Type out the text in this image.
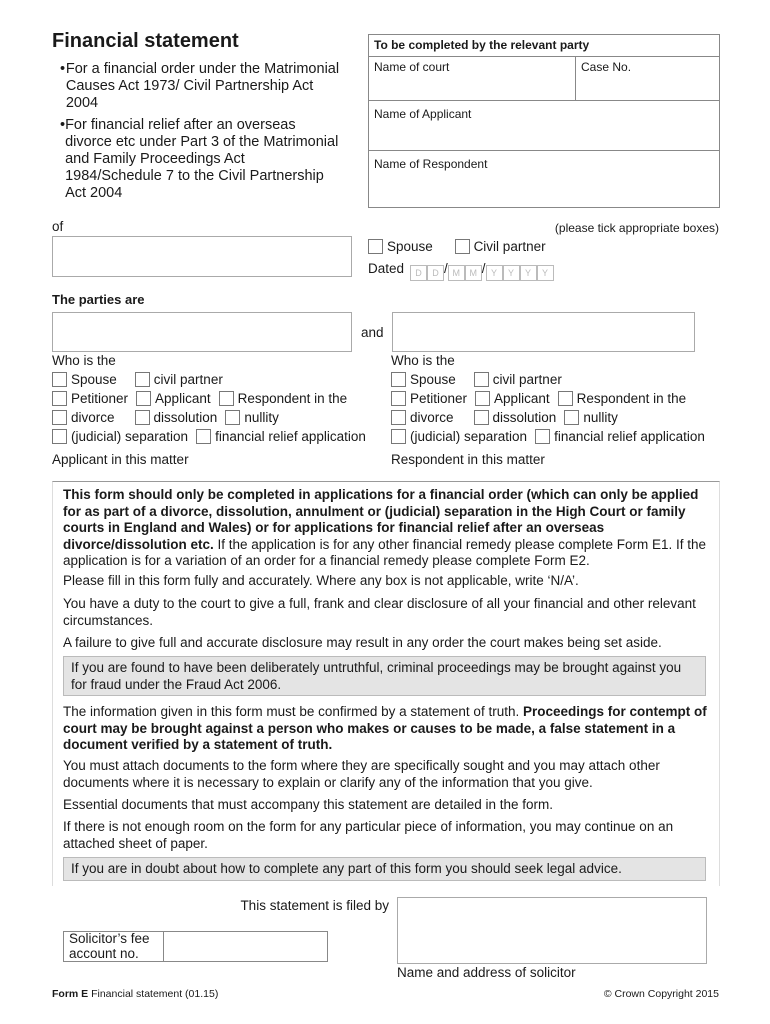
Financial statement
• For a financial order under the Matrimonial Causes Act 1973/ Civil Partnership Act 2004
• For financial relief after an overseas divorce etc under Part 3 of the Matrimonial and Family Proceedings Act 1984/Schedule 7 to the Civil Partnership Act 2004
To be completed by the relevant party
Name of court	Case No.
Name of Applicant
Name of Respondent
of	(please tick appropriate boxes)
Spouse	Civil partner
Dated D D / M M / Y Y Y Y
The parties are
and
Who is the
Spouse	civil partner
Petitioner Applicant Respondent in the
divorce	dissolution nullity
(judicial) separation financial relief application
Applicant in this matter
Who is the
Spouse	civil partner
Petitioner Applicant Respondent in the
divorce	dissolution nullity
(judicial) separation financial relief application
Respondent in this matter

This form should only be completed in applications for a financial order (which can only be applied for as part of a divorce, dissolution, annulment or (judicial) separation in the High Court or family courts in England and Wales) or for applications for financial relief after an overseas divorce/dissolution etc. If the application is for any other financial remedy please complete Form E1. If the application is for a variation of an order for a financial remedy please complete Form E2.

Please fill in this form fully and accurately. Where any box is not applicable, write ‘N/A’.

You have a duty to the court to give a full, frank and clear disclosure of all your financial and other relevant circumstances.

A failure to give full and accurate disclosure may result in any order the court makes being set aside.

If you are found to have been deliberately untruthful, criminal proceedings may be brought against you for fraud under the Fraud Act 2006.

The information given in this form must be confirmed by a statement of truth. Proceedings for contempt of court may be brought against a person who makes or causes to be made, a false statement in a document verified by a statement of truth.

You must attach documents to the form where they are specifically sought and you may attach other documents where it is necessary to explain or clarify any of the information that you give.

Essential documents that must accompany this statement are detailed in the form.

If there is not enough room on the form for any particular piece of information, you may continue on an attached sheet of paper.

If you are in doubt about how to complete any part of this form you should seek legal advice.
This statement is filed by
Solicitor’s fee account no.
Name and address of solicitor
Form E Financial statement (01.15)	© Crown Copyright 2015
